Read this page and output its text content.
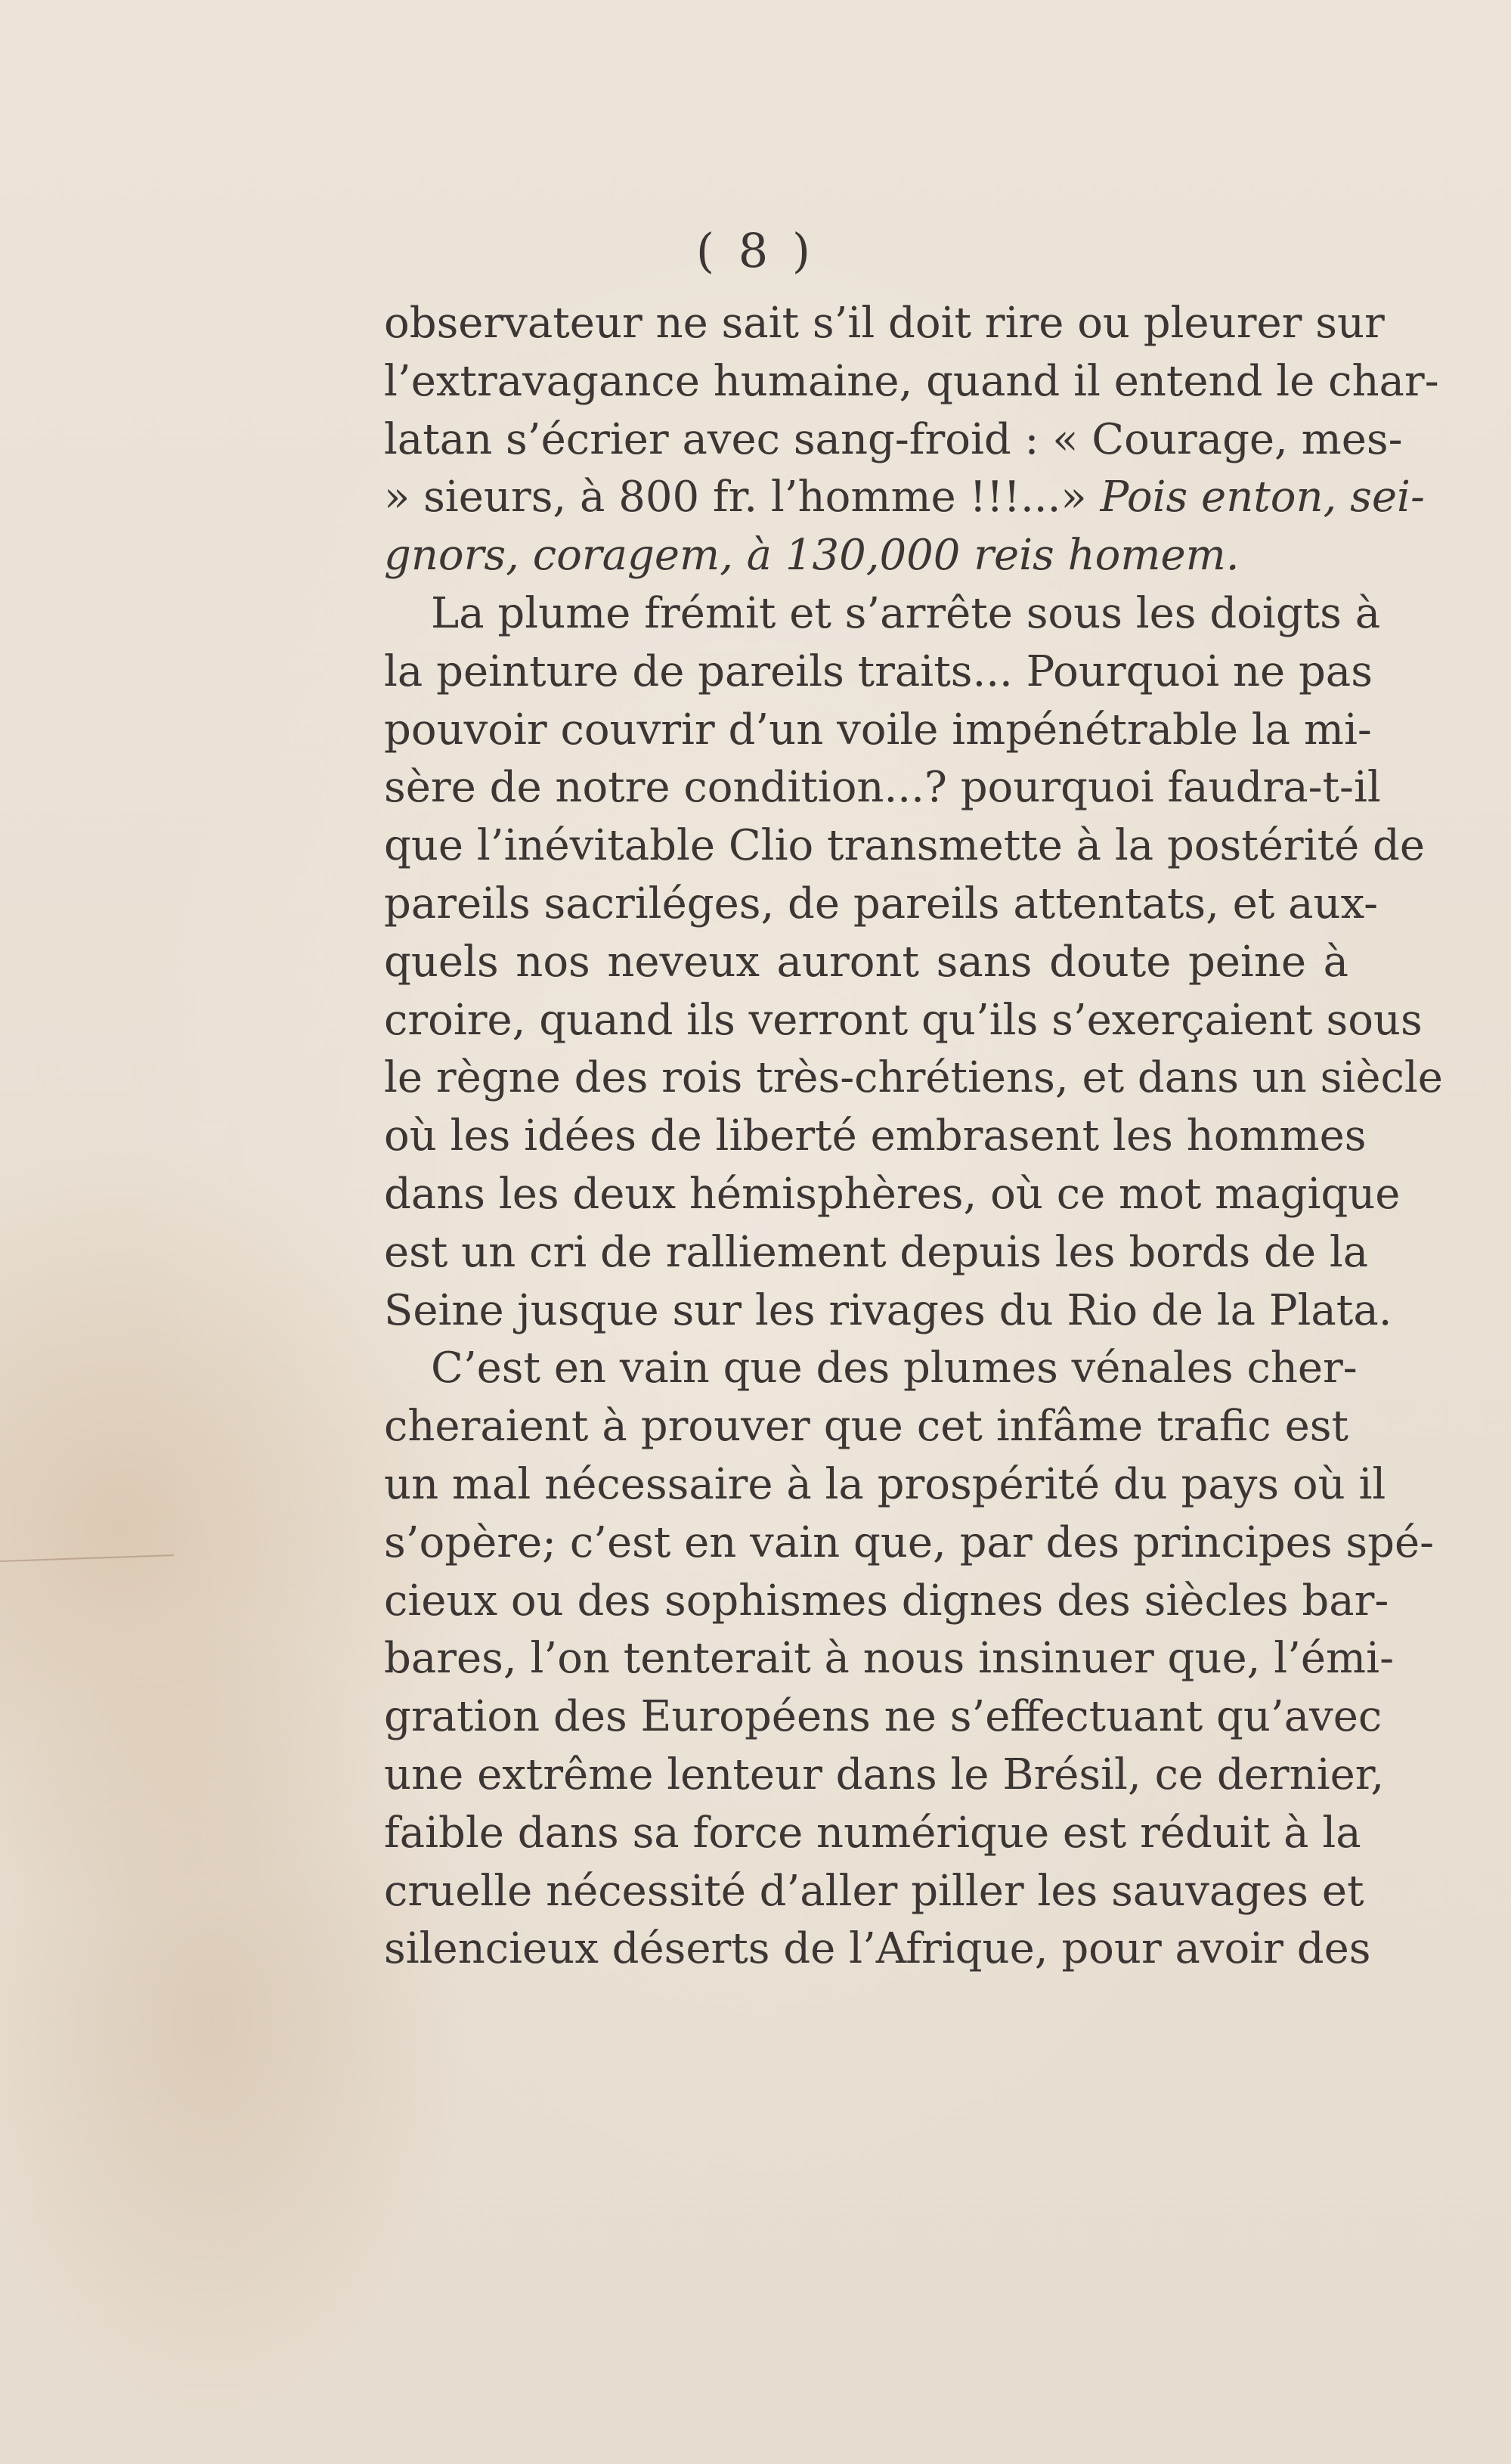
( 8 )
observateur ne sait s’il doit rire ou pleurer sur
l’extravagance humaine, quand il entend le char-
latan s’écrier avec sang-froid : « Courage, mes-
» sieurs, à 800 fr. l’homme !!!...» Pois enton, sei-
gnors, coragem, à 130,000 reis homem.
La plume frémit et s’arrête sous les doigts à
la peinture de pareils traits... Pourquoi ne pas
pouvoir couvrir d’un voile impénétrable la mi-
sère de notre condition...? pourquoi faudra-t-il
que l’inévitable Clio transmette à la postérité de
pareils sacriléges, de pareils attentats, et aux-
quels nos neveux auront sans doute peine à
croire, quand ils verront qu’ils s’exerçaient sous
le règne des rois très-chrétiens, et dans un siècle
où les idées de liberté embrasent les hommes
dans les deux hémisphères, où ce mot magique
est un cri de ralliement depuis les bords de la
Seine jusque sur les rivages du Rio de la Plata.
C’est en vain que des plumes vénales cher-
cheraient à prouver que cet infâme trafic est
un mal nécessaire à la prospérité du pays où il
s’opère; c’est en vain que, par des principes spé-
cieux ou des sophismes dignes des siècles bar-
bares, l’on tenterait à nous insinuer que, l’émi-
gration des Européens ne s’effectuant qu’avec
une extrême lenteur dans le Brésil, ce dernier,
faible dans sa force numérique est réduit à la
cruelle nécessité d’aller piller les sauvages et
silencieux déserts de l’Afrique, pour avoir des
